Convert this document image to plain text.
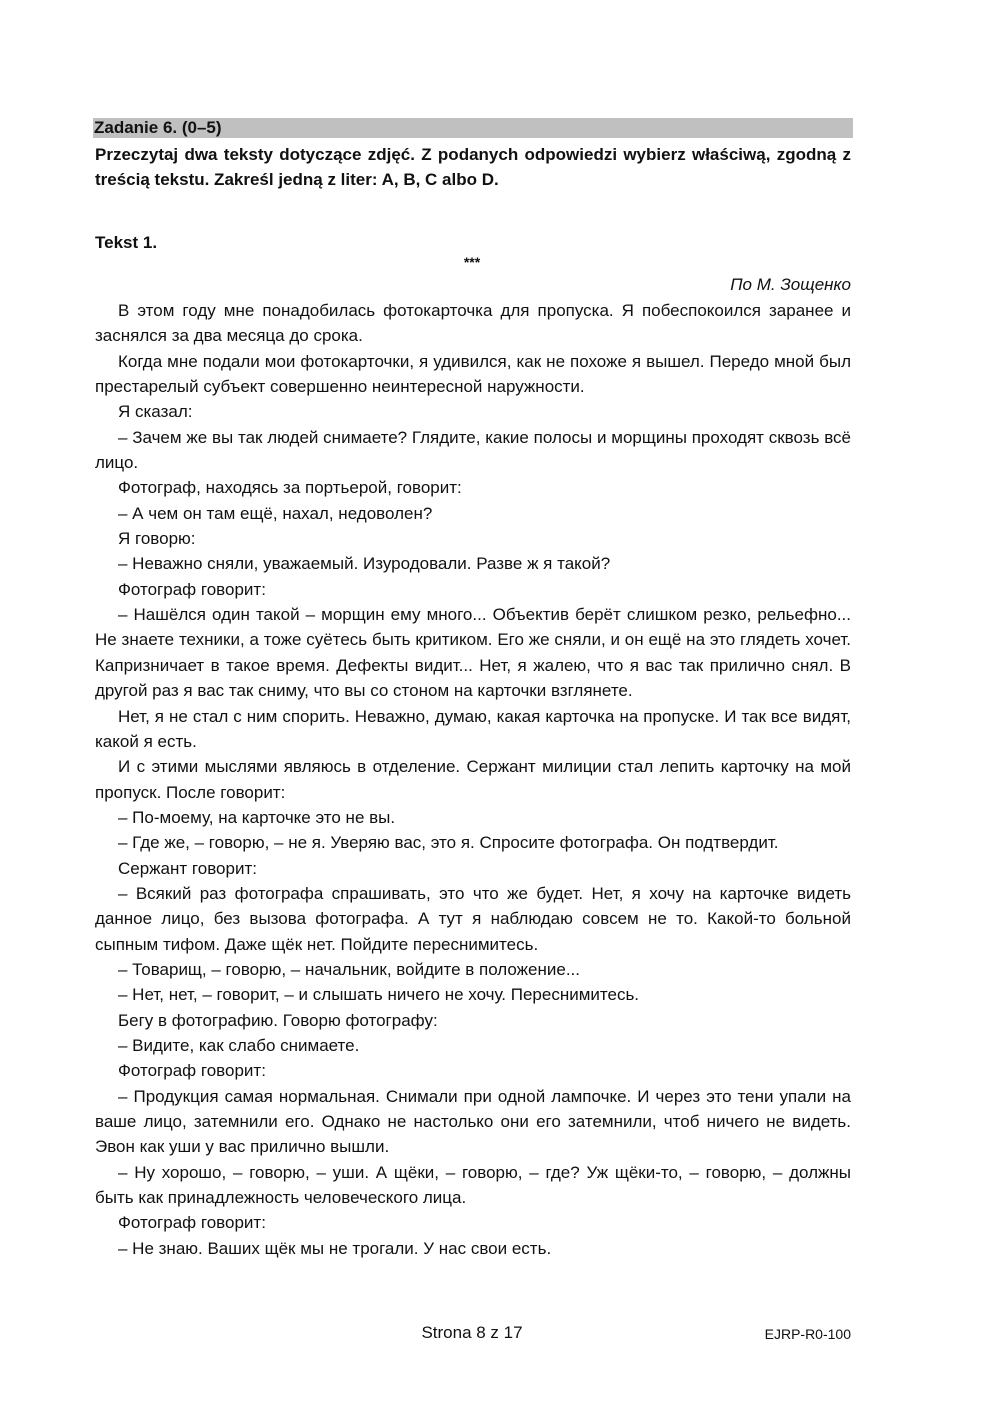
Zadanie 6. (0–5)
Przeczytaj dwa teksty dotyczące zdjęć. Z podanych odpowiedzi wybierz właściwą, zgodną z treścią tekstu. Zakreśl jedną z liter: A, B, C albo D.
Tekst 1.
***
По М. Зощенко

В этом году мне понадобилась фотокарточка для пропуска. Я побеспокоился заранее и заснялся за два месяца до срока.

Когда мне подали мои фотокарточки, я удивился, как не похоже я вышел. Передо мной был престарелый субъект совершенно неинтересной наружности.

Я сказал:

– Зачем же вы так людей снимаете? Глядите, какие полосы и морщины проходят сквозь всё лицо.

Фотограф, находясь за портьерой, говорит:

– А чем он там ещё, нахал, недоволен?

Я говорю:

– Неважно сняли, уважаемый. Изуродовали. Разве ж я такой?

Фотограф говорит:

– Нашёлся один такой – морщин ему много... Объектив берёт слишком резко, рельефно... Не знаете техники, а тоже суётесь быть критиком. Его же сняли, и он ещё на это глядеть хочет. Капризничает в такое время. Дефекты видит... Нет, я жалею, что я вас так прилично снял. В другой раз я вас так сниму, что вы со стоном на карточки взглянете.

Нет, я не стал с ним спорить. Неважно, думаю, какая карточка на пропуске. И так все видят, какой я есть.

И с этими мыслями являюсь в отделение. Сержант милиции стал лепить карточку на мой пропуск. После говорит:

– По-моему, на карточке это не вы.

– Где же, – говорю, – не я. Уверяю вас, это я. Спросите фотографа. Он подтвердит.

Сержант говорит:

– Всякий раз фотографа спрашивать, это что же будет. Нет, я хочу на карточке видеть данное лицо, без вызова фотографа. А тут я наблюдаю совсем не то. Какой-то больной сыпным тифом. Даже щёк нет. Пойдите переснимитесь.

– Товарищ, – говорю, – начальник, войдите в положение...

– Нет, нет, – говорит, – и слышать ничего не хочу. Переснимитесь.

Бегу в фотографию. Говорю фотографу:

– Видите, как слабо снимаете.

Фотограф говорит:

– Продукция самая нормальная. Снимали при одной лампочке. И через это тени упали на ваше лицо, затемнили его. Однако не настолько они его затемнили, чтоб ничего не видеть. Эвон как уши у вас прилично вышли.

– Ну хорошо, – говорю, – уши. А щёки, – говорю, – где? Уж щёки-то, – говорю, – должны быть как принадлежность человеческого лица.

Фотограф говорит:

– Не знаю. Ваших щёк мы не трогали. У нас свои есть.

Strona 8 z 17	EJRP-R0-100
